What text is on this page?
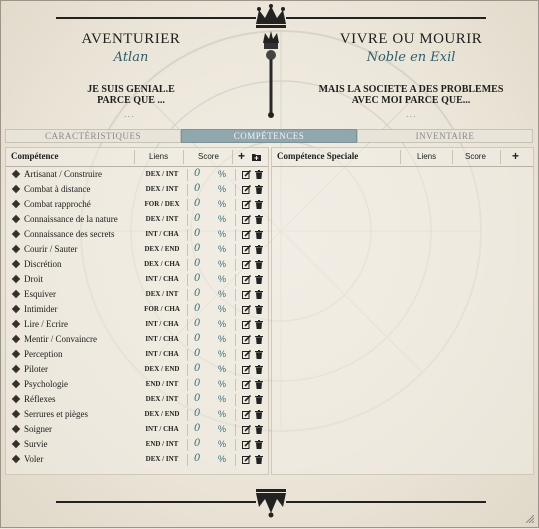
AVENTURIER
Atlan
JE SUIS GENIAL.E
PARCE QUE ...
...
VIVRE OU MOURIR
Noble en Exil
MAIS LA SOCIETE A DES PROBLEMES
AVEC MOI PARCE QUE...
...
CARACTÉRISTIQUES	COMPÉTENCES	INVENTAIRE
Compétence	Liens	Score +
Artisanat / Construire	DEX / INT	0 %
Combat à distance	DEX / INT	0 %
Combat rapproché	FOR / DEX	0 %
Connaissance de la nature	DEX / INT	0 %
Connaissance des secrets	INT / CHA	0 %
Courir / Sauter	DEX / END	0 %
Discrétion	DEX / CHA	0 %
Droit	INT / CHA	0 %
Esquiver	DEX / INT	0 %
Intimider	FOR / CHA	0 %
Lire / Ecrire	INT / CHA	0 %
Mentir / Convaincre	INT / CHA	0 %
Perception	INT / CHA	0 %
Piloter	DEX / END	0 %
Psychologie	END / INT	0 %
Réflexes	DEX / INT	0 %
Serrures et pièges	DEX / END	0 %
Soigner	INT / CHA	0 %
Survie	END / INT	0 %
Voler	DEX / INT	0 %
Compétence Speciale	Liens	Score +
